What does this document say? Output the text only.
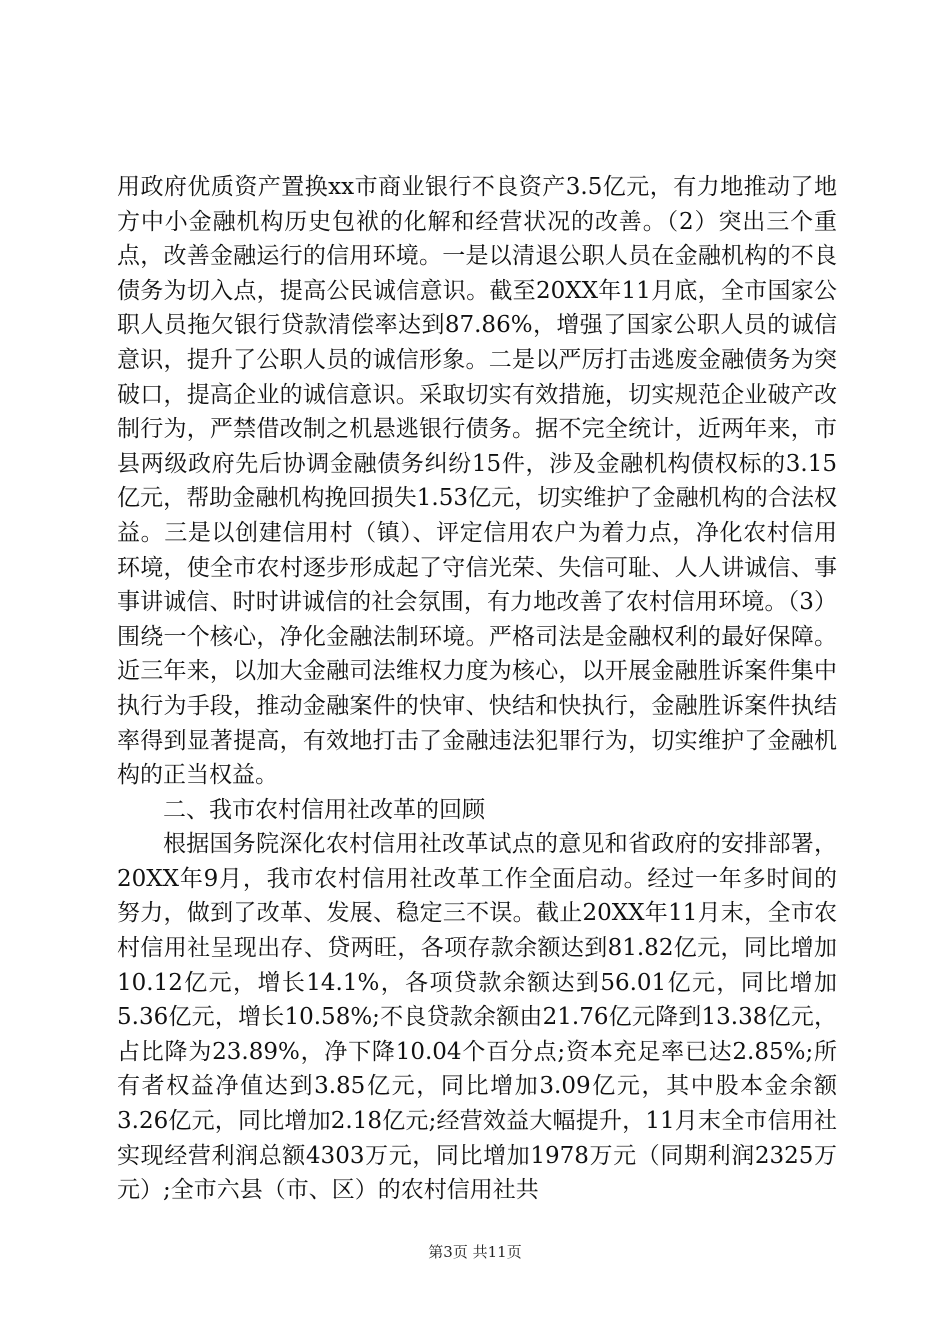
用政府优质资产置换xx市商业银行不良资产3.5亿元，有力地推动了地方中小金融机构历史包袱的化解和经营状况的改善。（2）突出三个重点，改善金融运行的信用环境。一是以清退公职人员在金融机构的不良债务为切入点，提高公民诚信意识。截至20XX年11月底，全市国家公职人员拖欠银行贷款清偿率达到87.86%，增强了国家公职人员的诚信意识，提升了公职人员的诚信形象。二是以严厉打击逃废金融债务为突破口，提高企业的诚信意识。采取切实有效措施，切实规范企业破产改制行为，严禁借改制之机悬逃银行债务。据不完全统计，近两年来，市县两级政府先后协调金融债务纠纷15件，涉及金融机构债权标的3.15亿元，帮助金融机构挽回损失1.53亿元，切实维护了金融机构的合法权益。三是以创建信用村（镇）、评定信用农户为着力点，净化农村信用环境，使全市农村逐步形成起了守信光荣、失信可耻、人人讲诚信、事事讲诚信、时时讲诚信的社会氛围，有力地改善了农村信用环境。（3）围绕一个核心，净化金融法制环境。严格司法是金融权利的最好保障。近三年来，以加大金融司法维权力度为核心，以开展金融胜诉案件集中执行为手段，推动金融案件的快审、快结和快执行，金融胜诉案件执结率得到显著提高，有效地打击了金融违法犯罪行为，切实维护了金融机构的正当权益。

二、我市农村信用社改革的回顾

根据国务院深化农村信用社改革试点的意见和省政府的安排部署，20XX年9月，我市农村信用社改革工作全面启动。经过一年多时间的努力，做到了改革、发展、稳定三不误。截止20XX年11月末，全市农村信用社呈现出存、贷两旺，各项存款余额达到81.82亿元，同比增加10.12亿元，增长14.1%，各项贷款余额达到56.01亿元，同比增加5.36亿元，增长10.58%;不良贷款余额由21.76亿元降到13.38亿元，占比降为23.89%，净下降10.04个百分点;资本充足率已达2.85%;所有者权益净值达到3.85亿元，同比增加3.09亿元，其中股本金余额3.26亿元，同比增加2.18亿元;经营效益大幅提升，11月末全市信用社实现经营利润总额4303万元，同比增加1978万元（同期利润2325万元）;全市六县（市、区）的农村信用社共

第3页 共11页
